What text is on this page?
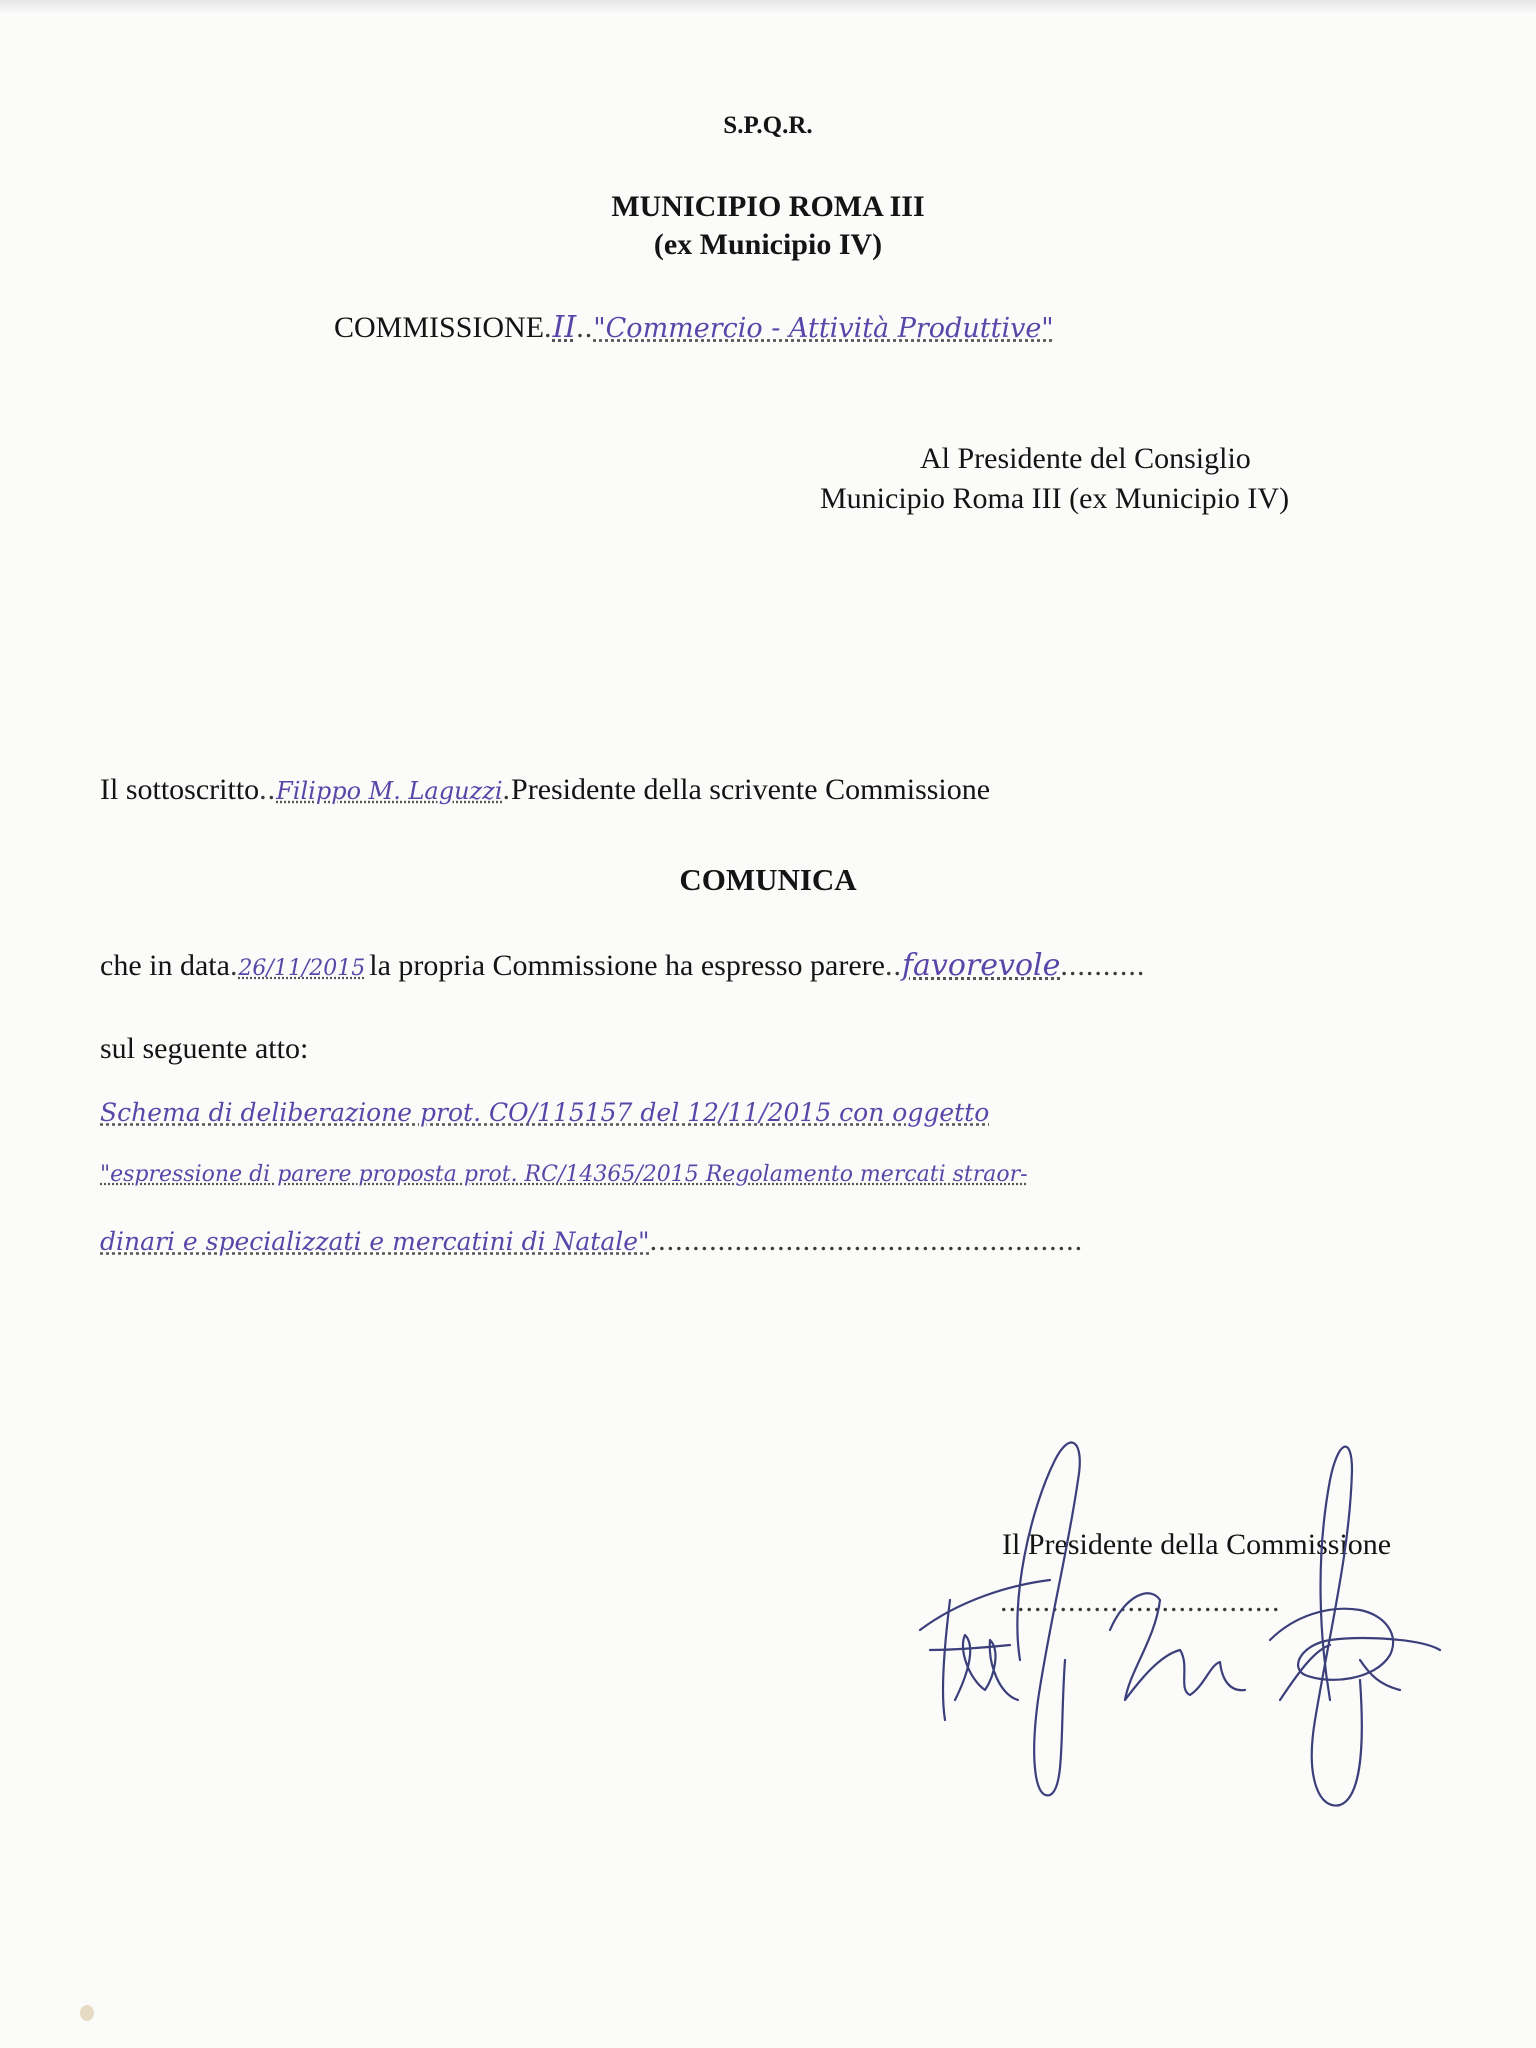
S.P.Q.R.
MUNICIPIO ROMA III
(ex Municipio IV)
COMMISSIONE.II.."Commercio - Attività Produttive"
Al Presidente del Consiglio
Municipio Roma III (ex Municipio IV)
Il sottoscritto..Filippo M. Laguzzi.Presidente della scrivente Commissione
COMUNICA
che in data.26/11/2015 la propria Commissione ha espresso parere..favorevole..........
sul seguente atto:
Schema di deliberazione prot. CO/115157 del 12/11/2015 con oggetto
"espressione di parere proposta prot. RC/14365/2015 Regolamento mercati straor-
dinari e specializzati e mercatini di Natale"...................................................
Il Presidente della Commissione
.................................
